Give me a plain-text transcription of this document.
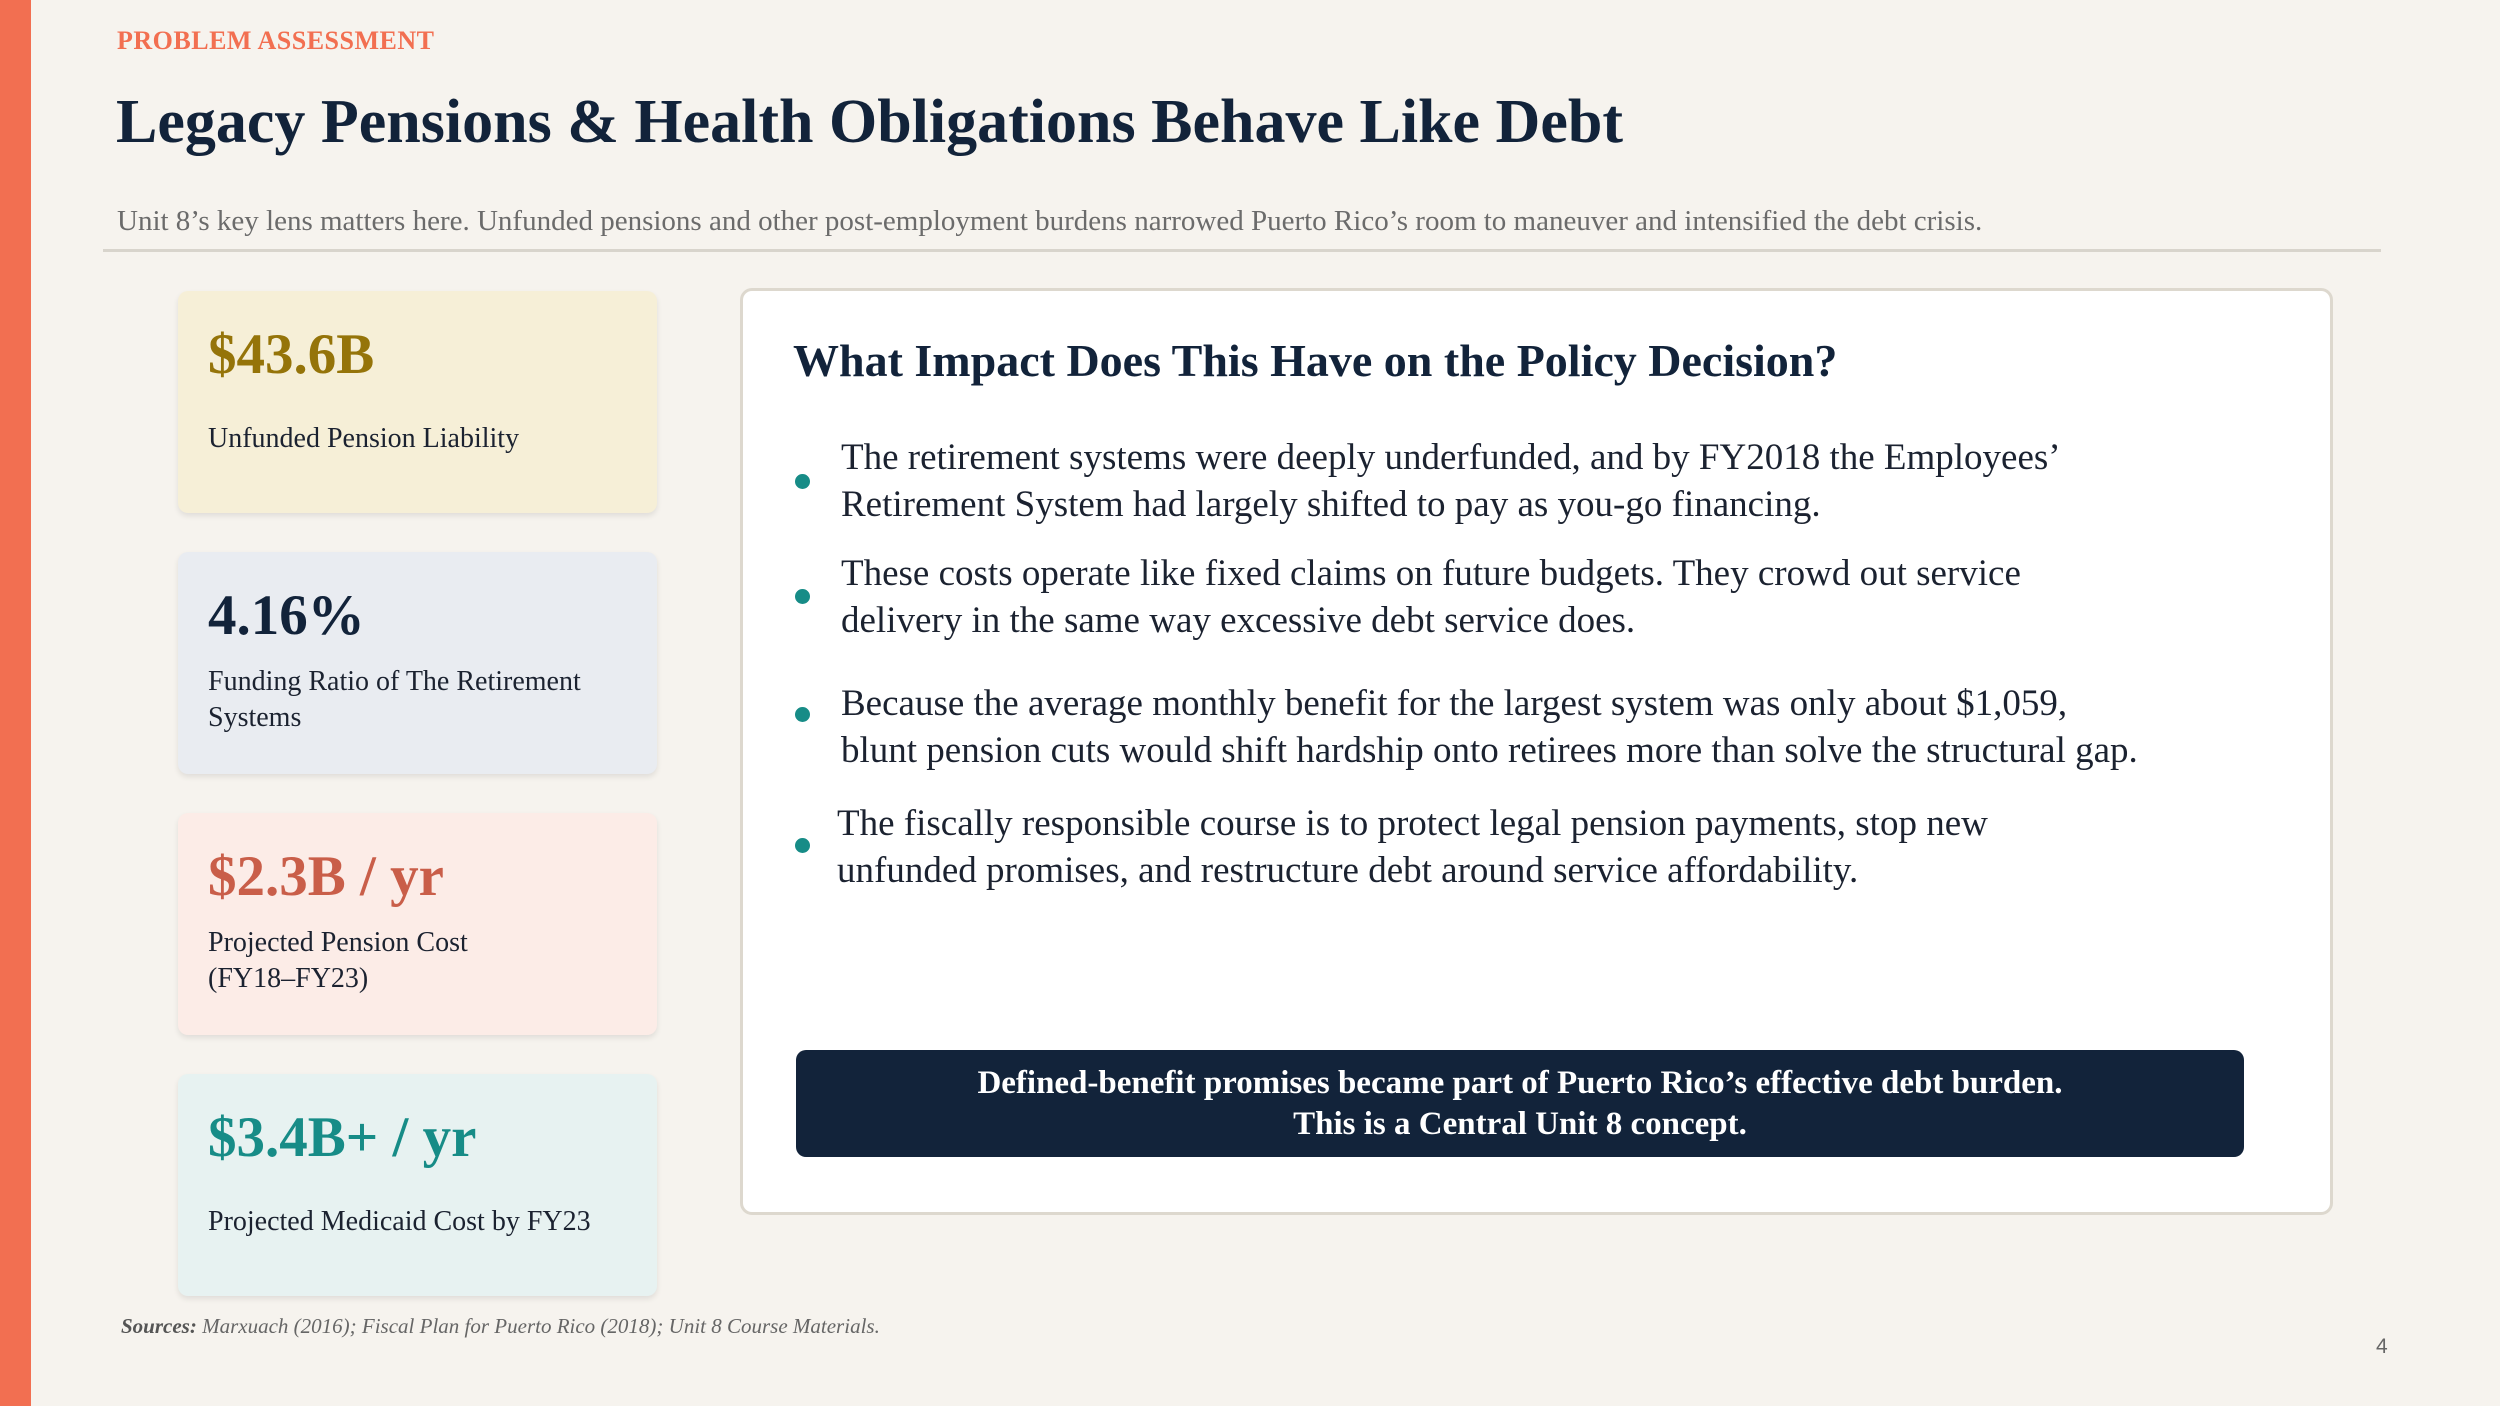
PROBLEM ASSESSMENT
Legacy Pensions & Health Obligations Behave Like Debt
Unit 8’s key lens matters here. Unfunded pensions and other post-employment burdens narrowed Puerto Rico’s room to maneuver and intensified the debt crisis.
$43.6B
Unfunded Pension Liability
4.16%
Funding Ratio of The Retirement
Systems
$2.3B / yr
Projected Pension Cost
(FY18–FY23)
$3.4B+ / yr
Projected Medicaid Cost by FY23
What Impact Does This Have on the Policy Decision?
The retirement systems were deeply underfunded, and by FY2018 the Employees’
Retirement System had largely shifted to pay as you-go financing.
These costs operate like fixed claims on future budgets. They crowd out service
delivery in the same way excessive debt service does.
Because the average monthly benefit for the largest system was only about $1,059,
blunt pension cuts would shift hardship onto retirees more than solve the structural gap.
The fiscally responsible course is to protect legal pension payments, stop new
unfunded promises, and restructure debt around service affordability.
Defined-benefit promises became part of Puerto Rico’s effective debt burden.
This is a Central Unit 8 concept.
Sources: Marxuach (2016); Fiscal Plan for Puerto Rico (2018); Unit 8 Course Materials.
4
